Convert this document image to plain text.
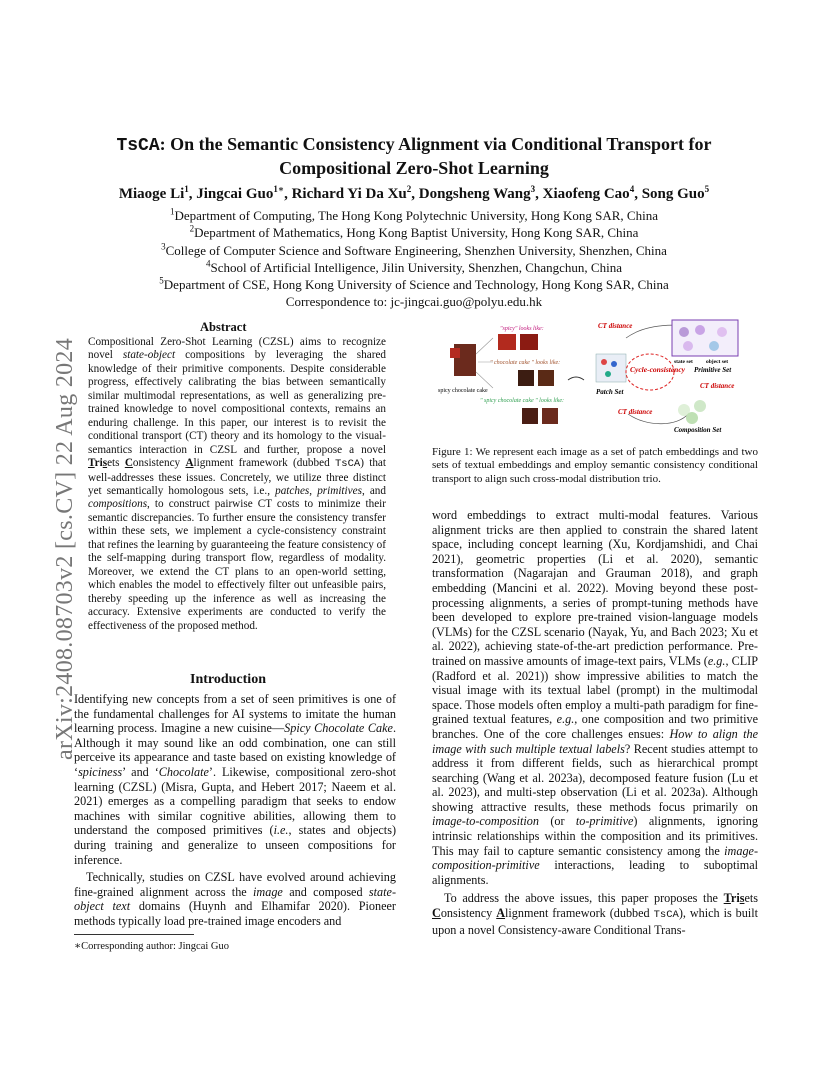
arXiv:2408.08703v2 [cs.CV] 22 Aug 2024
TsCA: On the Semantic Consistency Alignment via Conditional Transport for
Compositional Zero-Shot Learning
Miaoge Li$^1$, Jingcai Guo$^{1∗}$, Richard Yi Da Xu$^2$, Dongsheng Wang$^3$, Xiaofeng Cao$^4$, Song Guo$^5$
$^1$Department of Computing, The Hong Kong Polytechnic University, Hong Kong SAR, China
$^2$Department of Mathematics, Hong Kong Baptist University, Hong Kong SAR, China
$^3$College of Computer Science and Software Engineering, Shenzhen University, Shenzhen, China
$^4$School of Artificial Intelligence, Jilin University, Shenzhen, Changchun, China
$^5$Department of CSE, Hong Kong University of Science and Technology, Hong Kong SAR, China
Correspondence to: jc-jingcai.guo@polyu.edu.hk
Abstract
Compositional Zero-Shot Learning (CZSL) aims to recognize novel state-object compositions by leveraging the shared knowledge of their primitive components. Despite considerable progress, effectively calibrating the bias between semantically similar multimodal representations, as well as generalizing pre-trained knowledge to novel compositional contexts, remains an enduring challenge. In this paper, our interest is to revisit the conditional transport (CT) theory and its homology to the visual-semantics interaction in CZSL and further, propose a novel Trisets Consistency Alignment framework (dubbed TsCA) that well-addresses these issues. Concretely, we utilize three distinct yet semantically homologous sets, i.e., patches, primitives, and compositions, to construct pairwise CT costs to minimize their semantic discrepancies. To further ensure the consistency transfer within these sets, we implement a cycle-consistency constraint that refines the learning by guaranteeing the feature consistency of the self-mapping during transport flow, regardless of modality. Moreover, we extend the CT plans to an open-world setting, which enables the model to effectively filter out unfeasible pairs, thereby speeding up the inference as well as increasing the accuracy. Extensive experiments are conducted to verify the effectiveness of the proposed method.
Introduction

Identifying new concepts from a set of seen primitives is one of the fundamental challenges for AI systems to imitate the human learning process. Imagine a new cuisine—Spicy Chocolate Cake. Although it may sound like an odd combination, one can still perceive its appearance and taste based on existing knowledge of ‘spiciness’ and ‘Chocolate’. Likewise, compositional zero-shot learning (CZSL) (Misra, Gupta, and Hebert 2017; Naeem et al. 2021) emerges as a compelling paradigm that seeks to endow machines with similar cognitive abilities, allowing them to understand the composed primitives (i.e., states and objects) during training and generalize to unseen compositions for inference.

Technically, studies on CZSL have evolved around achieving fine-grained alignment across the image and composed state-object text domains (Huynh and Elhamifar 2020). Pioneer methods typically load pre-trained image encoders and

∗Corresponding author: Jingcai Guo
spicy chocolate cake
"spicy" looks like:
" chocolate cake " looks like:
" spicy chocolate cake " looks like:
Patch Set
CT distance
CT distance
CT distance
Cycle-consistency
state set object set
Primitive Set
Composition Set
Figure 1: We represent each image as a set of patch embeddings and two sets of textual embeddings and employ semantic consistency conditional transport to align such cross-modal distribution trio.

word embeddings to extract multi-modal features. Various alignment tricks are then applied to constrain the shared latent space, including concept learning (Xu, Kordjamshidi, and Chai 2021), geometric properties (Li et al. 2020), semantic transformation (Nagarajan and Grauman 2018), and graph embedding (Mancini et al. 2022). Moving beyond these post-processing alignments, a series of prompt-tuning methods have been developed to explore pre-trained vision-language models (VLMs) for the CZSL scenario (Nayak, Yu, and Bach 2023; Xu et al. 2022), achieving state-of-the-art prediction performance. Pre-trained on massive amounts of image-text pairs, VLMs (e.g., CLIP (Radford et al. 2021)) show impressive abilities to match the visual image with its textual label (prompt) in the multimodal space. Those models often employ a multi-path paradigm for fine-grained textual features, e.g., one composition and two primitive branches. One of the core challenges ensues: How to align the image with such multiple textual labels? Recent studies attempt to address it from different fields, such as hierarchical prompt searching (Wang et al. 2023a), decomposed feature fusion (Lu et al. 2023), and multi-step observation (Li et al. 2023a). Although showing attractive results, these methods focus primarily on image-to-composition (or to-primitive) alignments, ignoring intrinsic relationships within the composition and its primitives. This may fail to capture semantic consistency among the image-composition-primitive interactions, leading to suboptimal alignments.

To address the above issues, this paper proposes the Trisets Consistency Alignment framework (dubbed TsCA), which is built upon a novel Consistency-aware Conditional Trans-
